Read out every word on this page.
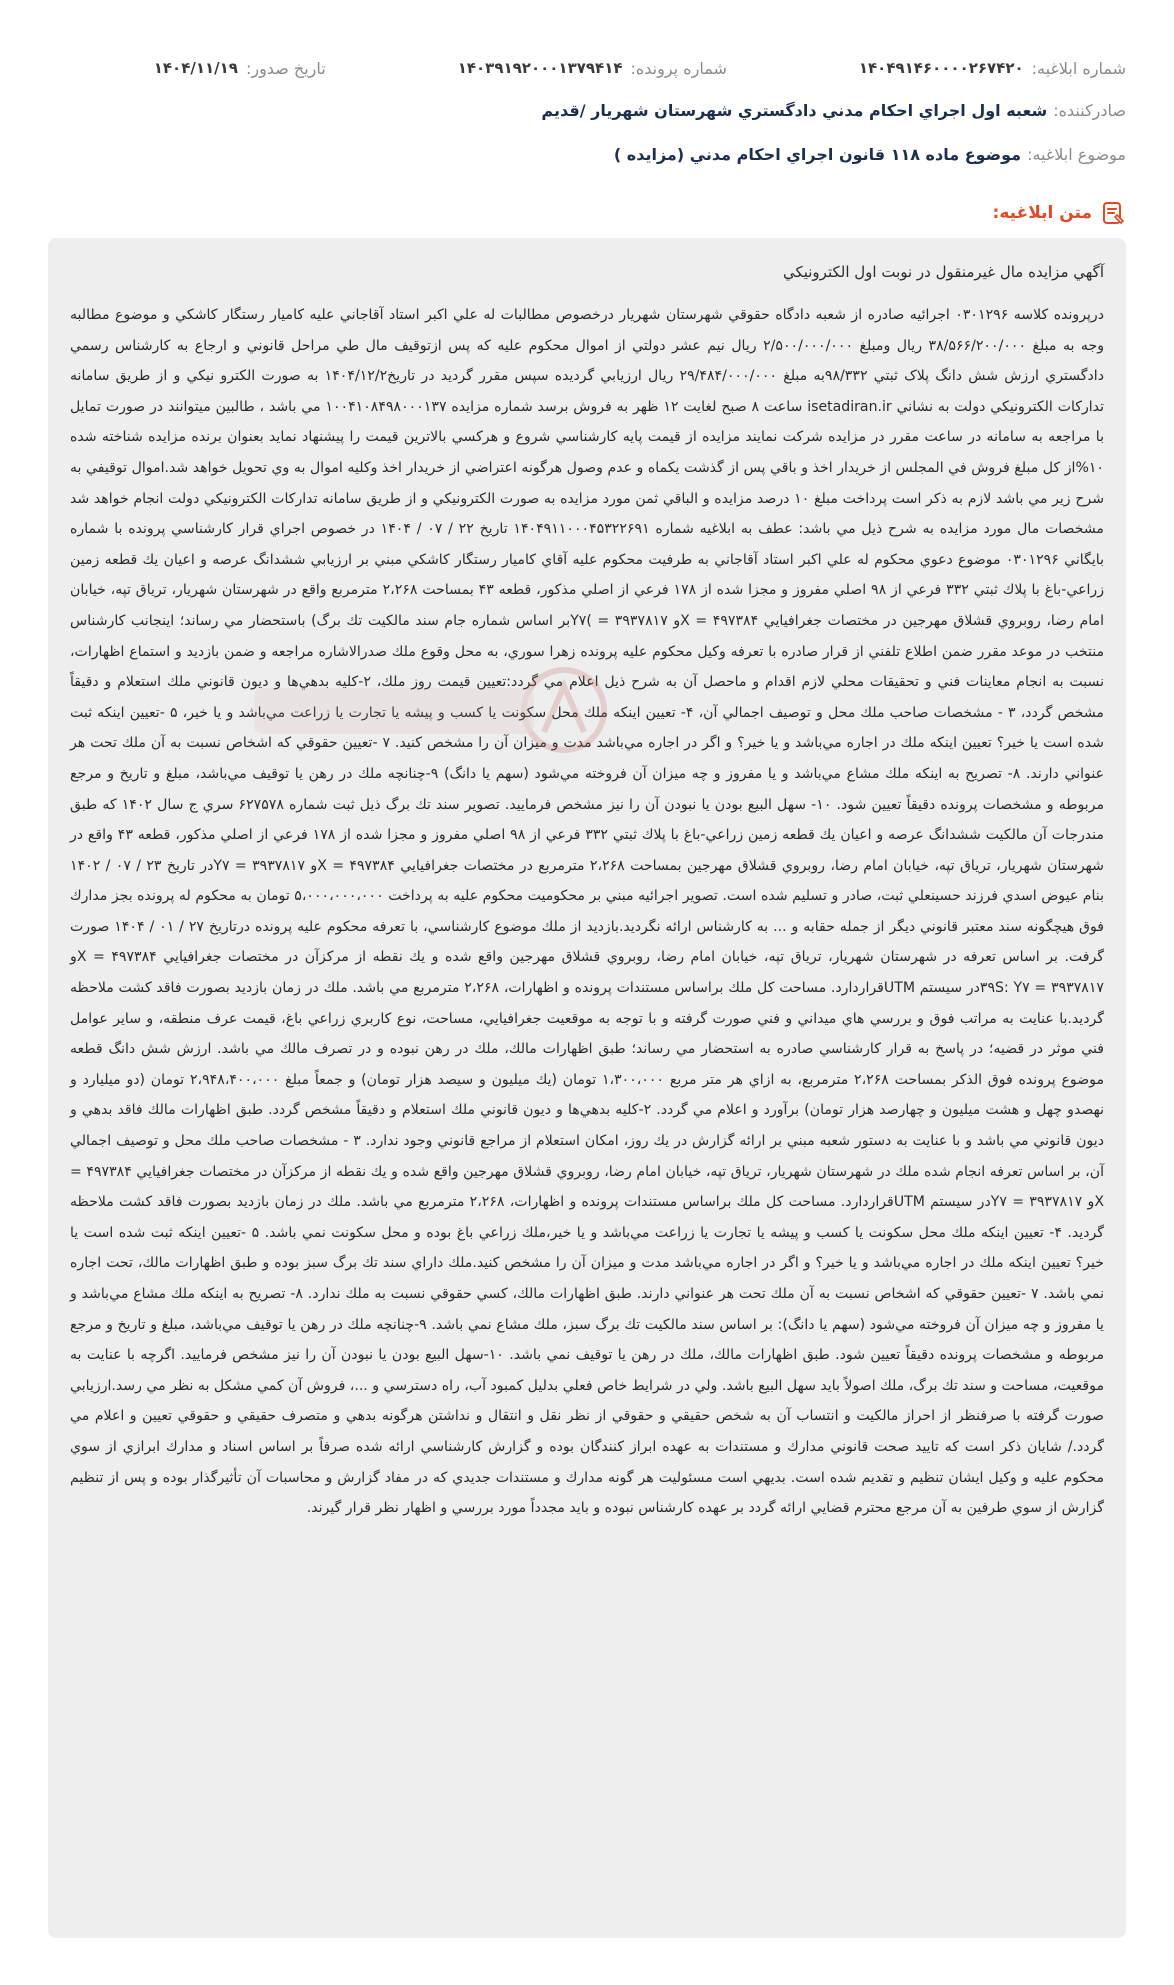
شماره ابلاغیه:
۱۴۰۴۹۱۴۶۰۰۰۰۲۶۷۴۲۰
شماره پرونده:
۱۴۰۳۹۱۹۲۰۰۰۱۳۷۹۴۱۴
تاریخ صدور:
۱۴۰۴/۱۱/۱۹
صادرکننده:
شعبه اول اجراي احکام مدني دادگستري شهرستان شهريار /قديم
موضوع ابلاغیه:
موضوع ماده ۱۱۸ قانون اجراي احکام مدني (مزايده )
متن ابلاغیه:
آگهي مزايده مال غيرمنقول در نوبت اول الكترونيكي

درپرونده کلاسه ۰۳۰۱۲۹۶ اجرائيه صادره از شعبه دادگاه حقوقي شهرستان شهريار درخصوص مطالبات له علي اكبر استاد آقاجاني عليه كاميار رستگار كاشكي و موضوع مطالبه وجه به مبلغ ۳۸/۵۶۶/۲۰۰/۰۰۰ ريال ومبلغ ۲/۵۰۰/۰۰۰/۰۰۰ ريال نيم عشر دولتي از اموال محكوم عليه كه پس ازتوقيف مال طي مراحل قانوني و ارجاع به كارشناس رسمي دادگستري ارزش شش دانگ پلاک ثبتي ۹۸/۳۳۲به مبلغ ۲۹/۴۸۴/۰۰۰/۰۰۰ ريال ارزيابي گرديده سپس مقرر گرديد در تاريخ۱۴۰۴/۱۲/۲ به صورت الكترو نيكي و از طريق سامانه تداركات الكترونيكي دولت به نشاني isetadiran.ir ساعت ۸ صبح لغايت ۱۲ ظهر به فروش برسد شماره مزايده ۱۰۰۴۱۰۸۴۹۸۰۰۰۱۳۷ مي باشد ، طالبين ميتوانند در صورت تمايل با مراجعه به سامانه در ساعت مقرر در مزايده شركت نمايند مزايده از قيمت پايه كارشناسي شروع و هركسي بالاترين قيمت را پيشنهاد نمايد بعنوان برنده مزايده شناخته شده ۱۰%از كل مبلغ فروش في المجلس از خريدار اخذ و باقي پس از گذشت يكماه و عدم وصول هرگونه اعتراضي از خريدار اخذ وكليه اموال به وي تحويل خواهد شد.اموال توقيفي به شرح زير مي باشد لازم به ذکر است پرداخت مبلغ ۱۰ درصد مزايده و الباقي ثمن مورد مزايده به صورت الكترونيكي و از طريق سامانه تداركات الكترونيكي دولت انجام خواهد شد مشخصات مال مورد مزايده به شرح ذيل مي باشد: عطف به ابلاغيه شماره ۱۴۰۴۹۱۱۰۰۰۴۵۳۲۲۶۹۱ تاريخ ۲۲ / ۰۷ / ۱۴۰۴ در خصوص اجراي قرار كارشناسي پرونده با شماره بايگاني ۰۳۰۱۲۹۶ موضوع دعوي محكوم له علي اكبر استاد آقاجاني به طرفيت محكوم عليه آقاي كاميار رستگار كاشكي مبني بر ارزيابي ششدانگ عرصه و اعيان يك قطعه زمين زراعي-باغ با پلاك ثبتي ۳۳۲ فرعي از ۹۸ اصلي مفروز و مجزا شده از ۱۷۸ فرعي از اصلي مذكور، قطعه ۴۳ بمساحت ۲،۲۶۸ مترمربع واقع در شهرستان شهريار، ترياق تپه، خيابان امام رضا، روبروي قشلاق مهرجين در مختصات جغرافيايي ۴۹۷۳۸۴ = Xو ۳۹۳۷۸۱۷ = )Y۷بر اساس شماره جام سند مالكيت تك برگ) باستحضار مي رساند؛ اينجانب كارشناس منتخب در موعد مقرر ضمن اطلاع تلفني از قرار صادره با تعرفه وكيل محكوم عليه پرونده زهرا سوري، به محل وقوع ملك صدرالاشاره مراجعه و ضمن بازديد و استماع اظهارات، نسبت به انجام معاينات فني و تحقيقات محلي لازم اقدام و ماحصل آن به شرح ذيل اعلام مي گردد:تعيين قيمت روز ملك، ۲-كليه بدهي‌ها و ديون قانوني ملك استعلام و دقيقاً مشخص گردد، ۳ - مشخصات صاحب ملك محل و توصيف اجمالي آن، ۴- تعيين اينكه ملك محل سكونت يا كسب و پيشه يا تجارت يا زراعت مي‌باشد و يا خير، ۵ -تعيين اينكه ثبت شده است يا خير؟ تعيين اينكه ملك در اجاره مي‌باشد و يا خير؟ و اگر در اجاره مي‌باشد مدت و ميزان آن را مشخص كنيد. ۷ -تعيين حقوقي كه اشخاص نسبت به آن ملك تحت هر عنواني دارند. ۸- تصريح به اينكه ملك مشاع مي‌باشد و يا مفروز و چه ميزان آن فروخته مي‌شود (سهم يا دانگ) ۹-چنانچه ملك در رهن يا توقيف مي‌باشد، مبلغ و تاريخ و مرجع مربوطه و مشخصات پرونده دقيقاً تعيين شود. ۱۰- سهل البيع بودن يا نبودن آن را نيز مشخص فرماييد. تصوير سند تك برگ ذيل ثبت شماره ۶۲۷۵۷۸ سري ج سال ۱۴۰۲ كه طبق مندرجات آن مالكيت ششدانگ عرصه و اعيان يك قطعه زمين زراعي-باغ با پلاك ثبتي ۳۳۲ فرعي از ۹۸ اصلي مفروز و مجزا شده از ۱۷۸ فرعي از اصلي مذكور، قطعه ۴۳ واقع در شهرستان شهريار، ترياق تپه، خيابان امام رضا، روبروي قشلاق مهرجين بمساحت ۲،۲۶۸ مترمربع در مختصات جغرافيايي ۴۹۷۳۸۴ = Xو ۳۹۳۷۸۱۷ = Y۷در تاريخ ۲۳ / ۰۷ / ۱۴۰۲ بنام عيوض اسدي فرزند حسينعلي ثبت، صادر و تسليم شده است. تصوير اجرائيه مبني بر محكوميت محكوم عليه به پرداخت ۵،۰۰۰،۰۰۰،۰۰۰ تومان به محكوم له پرونده بجز مدارك فوق هيچگونه سند معتبر قانوني ديگر از جمله حقابه و ... به كارشناس ارائه نگرديد.بازديد از ملك موضوع كارشناسي، با تعرفه محكوم عليه پرونده درتاريخ ۲۷ / ۰۱ / ۱۴۰۴ صورت گرفت. بر اساس تعرفه در شهرستان شهريار، ترياق تپه، خيابان امام رضا، روبروي قشلاق مهرجين واقع شده و يك نقطه از مركزآن در مختصات جغرافيايي ۴۹۷۳۸۴ = Xو ۳۹۳۷۸۱۷ = ۳۹S: Y۷در سيستم UTMقراردارد. مساحت كل ملك براساس مستندات پرونده و اظهارات، ۲،۲۶۸ مترمربع مي باشد. ملك در زمان بازديد بصورت فاقد كشت ملاحظه گرديد.با عنايت به مراتب فوق و بررسي هاي ميداني و فني صورت گرفته و با توجه به موقعيت جغرافيايي، مساحت، نوع كاربري زراعي باغ، قيمت عرف منطقه، و ساير عوامل فني موثر در قضيه؛ در پاسخ به قرار كارشناسي صادره به استحضار مي رساند؛ طبق اظهارات مالك، ملك در رهن نبوده و در تصرف مالك مي باشد. ارزش شش دانگ قطعه موضوع پرونده فوق الذكر بمساحت ۲،۲۶۸ مترمربع، به ازاي هر متر مربع ۱،۳۰۰،۰۰۰ تومان (يك ميليون و سيصد هزار تومان) و جمعاً مبلغ ۲،۹۴۸،۴۰۰،۰۰۰ تومان (دو ميليارد و نهصدو چهل و هشت ميليون و چهارصد هزار تومان) برآورد و اعلام مي گردد. ۲-كليه بدهي‌ها و ديون قانوني ملك استعلام و دقيقاً مشخص گردد. طبق اظهارات مالك فاقد بدهي و ديون قانوني مي باشد و با عنايت به دستور شعبه مبني بر ارائه گزارش در يك روز، امكان استعلام از مراجع قانوني وجود ندارد. ۳ - مشخصات صاحب ملك محل و توصيف اجمالي آن، بر اساس تعرفه انجام شده ملك در شهرستان شهريار، ترياق تپه، خيابان امام رضا، روبروي قشلاق مهرجين واقع شده و يك نقطه از مركزآن در مختصات جغرافيايي ۴۹۷۳۸۴ = Xو ۳۹۳۷۸۱۷ = Y۷در سيستم UTMقراردارد. مساحت كل ملك براساس مستندات پرونده و اظهارات، ۲،۲۶۸ مترمربع مي باشد. ملك در زمان بازديد بصورت فاقد كشت ملاحظه گرديد. ۴- تعيين اينكه ملك محل سكونت يا كسب و پيشه يا تجارت يا زراعت مي‌باشد و يا خير،ملك زراعي باغ بوده و محل سكونت نمي باشد. ۵ -تعيين اينكه ثبت شده است يا خير؟ تعيين اينكه ملك در اجاره مي‌باشد و يا خير؟ و اگر در اجاره مي‌باشد مدت و ميزان آن را مشخص كنيد.ملك داراي سند تك برگ سبز بوده و طبق اظهارات مالك، تحت اجاره نمي باشد. ۷ -تعيين حقوقي كه اشخاص نسبت به آن ملك تحت هر عنواني دارند. طبق اظهارات مالك، كسي حقوقي نسبت به ملك ندارد. ۸- تصريح به اينكه ملك مشاع مي‌باشد و يا مفروز و چه ميزان آن فروخته مي‌شود (سهم يا دانگ): بر اساس سند مالكيت تك برگ سبز، ملك مشاع نمي باشد. ۹-چنانچه ملك در رهن يا توقيف مي‌باشد، مبلغ و تاريخ و مرجع مربوطه و مشخصات پرونده دقيقاً تعيين شود. طبق اظهارات مالك، ملك در رهن يا توقيف نمي باشد. ۱۰-سهل البيع بودن يا نبودن آن را نيز مشخص فرماييد. اگرچه با عنايت به موقعيت، مساحت و سند تك برگ، ملك اصولاً بايد سهل البيع باشد. ولي در شرايط خاص فعلي بدليل كمبود آب، راه دسترسي و ...، فروش آن كمي مشكل به نظر مي رسد.ارزيابي صورت گرفته با صرفنظر از احراز مالكيت و انتساب آن به شخص حقيقي و حقوقي از نظر نقل و انتقال و نداشتن هرگونه بدهي و متصرف حقيقي و حقوقي تعيين و اعلام مي گردد./ شايان ذكر است كه تاييد صحت قانوني مدارك و مستندات به عهده ابراز كنندگان بوده و گزارش كارشناسي ارائه شده صرفاً بر اساس اسناد و مدارك ابرازي از سوي محكوم عليه و وكيل ايشان تنظيم و تقديم شده است. بديهي است مسئوليت هر گونه مدارك و مستندات جديدي كه در مفاد گزارش و محاسبات آن تأثيرگذار بوده و پس از تنظيم گزارش از سوي طرفين به آن مرجع محترم قضايي ارائه گردد بر عهده كارشناس نبوده و بايد مجدداً مورد بررسي و اظهار نظر قرار گيرند.
